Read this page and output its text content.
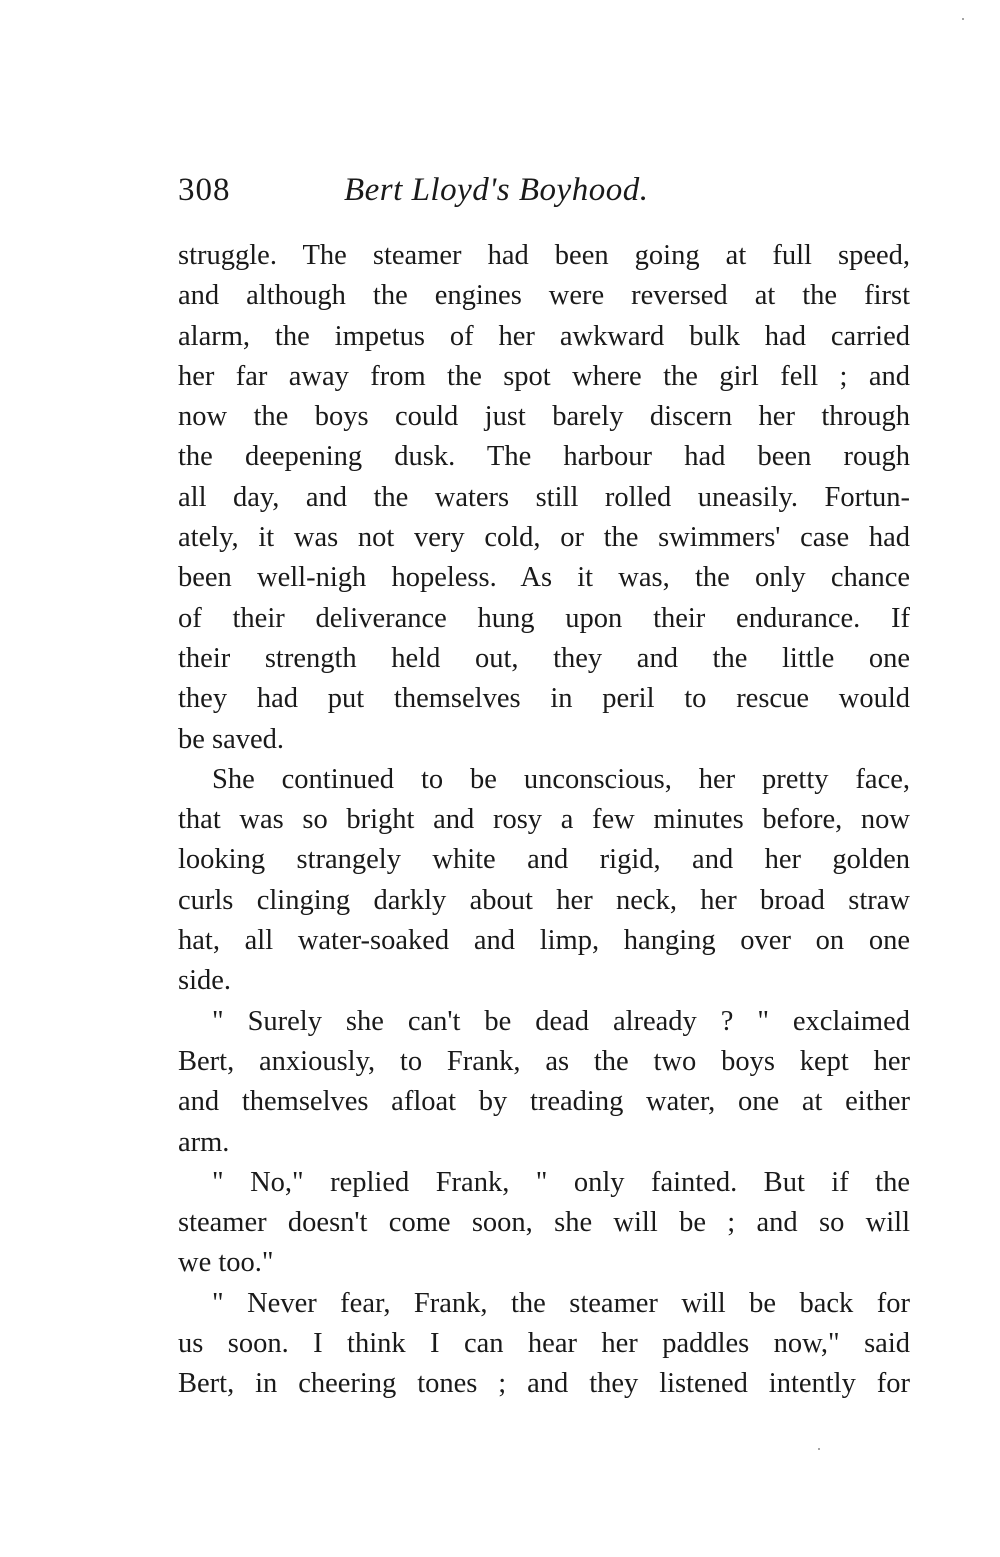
308	Bert Lloyd's Boyhood.
struggle. The steamer had been going at full speed,
and although the engines were reversed at the first
alarm, the impetus of her awkward bulk had carried
her far away from the spot where the girl fell ; and
now the boys could just barely discern her through
the deepening dusk. The harbour had been rough
all day, and the waters still rolled uneasily. Fortun-
ately, it was not very cold, or the swimmers' case had
been well-nigh hopeless. As it was, the only chance
of their deliverance hung upon their endurance. If
their strength held out, they and the little one
they had put themselves in peril to rescue would
be saved.
She continued to be unconscious, her pretty face,
that was so bright and rosy a few minutes before, now
looking strangely white and rigid, and her golden
curls clinging darkly about her neck, her broad straw
hat, all water-soaked and limp, hanging over on one
side.
" Surely she can't be dead already ? " exclaimed
Bert, anxiously, to Frank, as the two boys kept her
and themselves afloat by treading water, one at either
arm.
" No," replied Frank, " only fainted. But if the
steamer doesn't come soon, she will be ; and so will
we too."
" Never fear, Frank, the steamer will be back for
us soon. I think I can hear her paddles now," said
Bert, in cheering tones ; and they listened intently for
